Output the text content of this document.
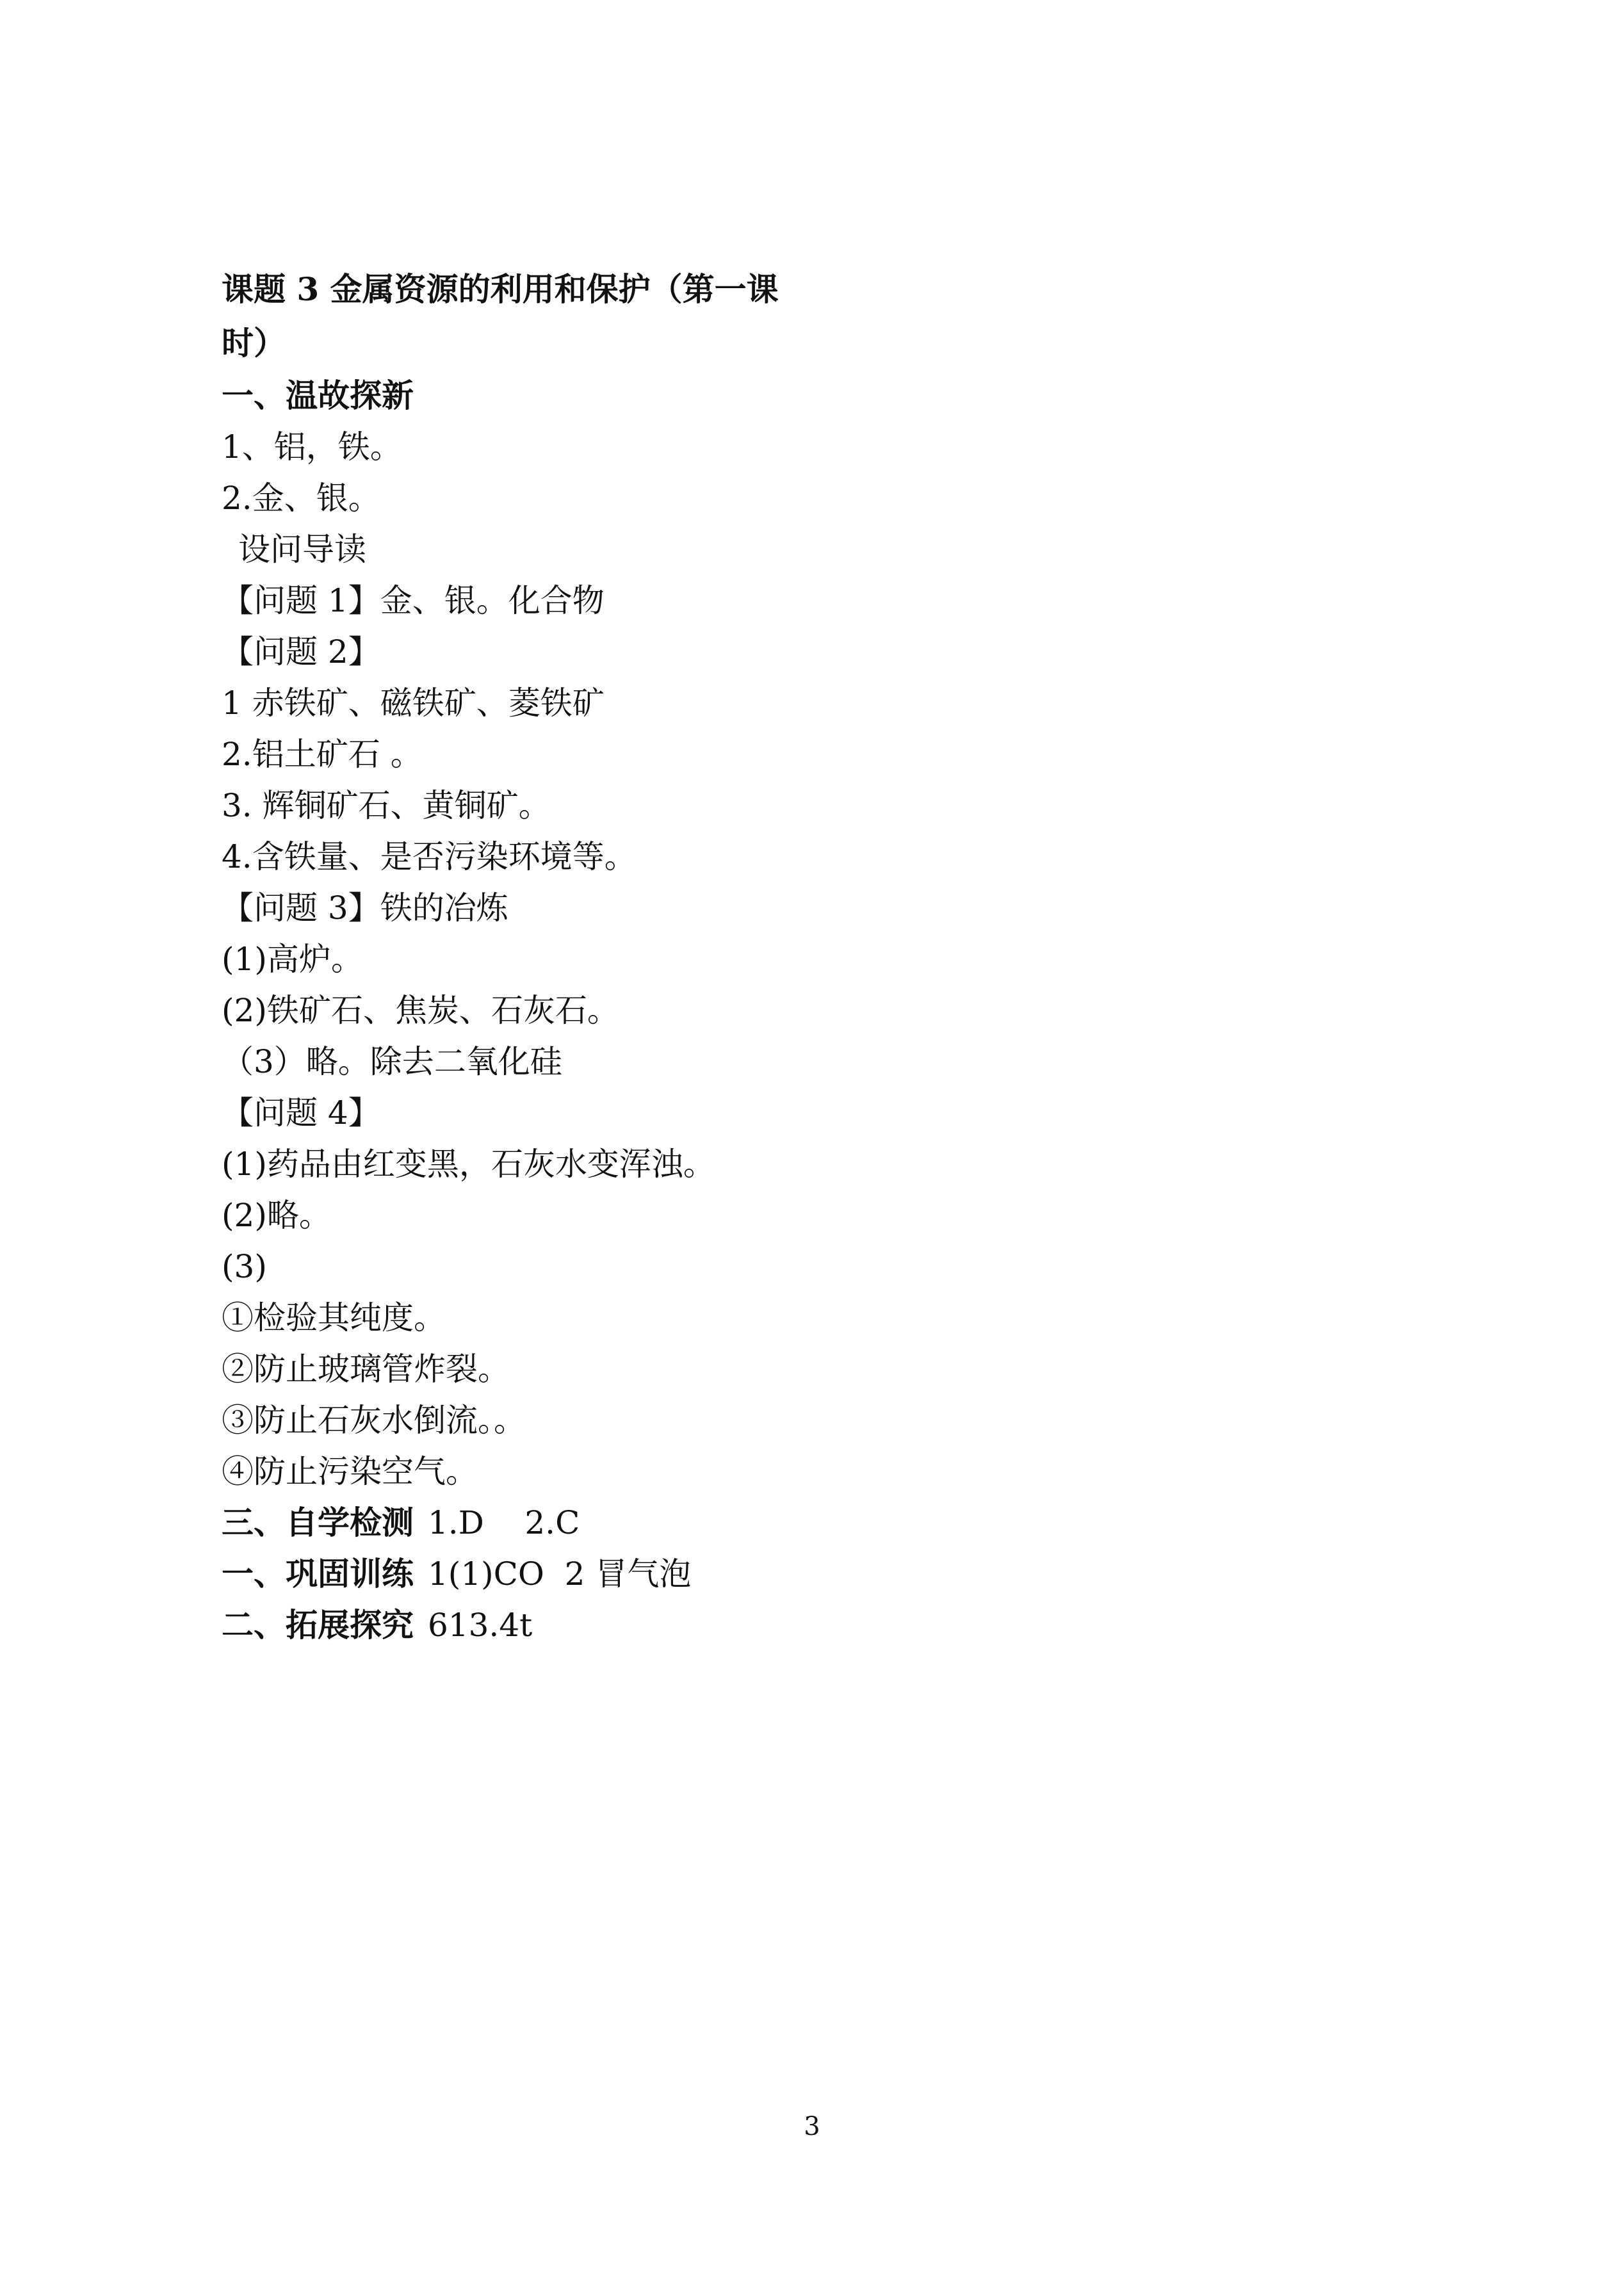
课题 3 金属资源的利用和保护（第一课时）
一、温故探新
1、铝，铁。
2.金、银。
设问导读
【问题 1】金、银。化合物
【问题 2】
1 赤铁矿、磁铁矿、菱铁矿
2.铝土矿石 。
3. 辉铜矿石、黄铜矿。
4.含铁量、是否污染环境等。
【问题 3】铁的冶炼
(1)高炉。
(2)铁矿石、焦炭、石灰石。
（3）略。除去二氧化硅
【问题 4】
(1)药品由红变黑，石灰水变浑浊。
(2)略。
(3)
①检验其纯度。
②防止玻璃管炸裂。
③防止石灰水倒流。。
④防止污染空气。
三、自学检测 1.D    2.C
一、巩固训练 1(1)CO  2 冒气泡
二、拓展探究 613.4t
3
